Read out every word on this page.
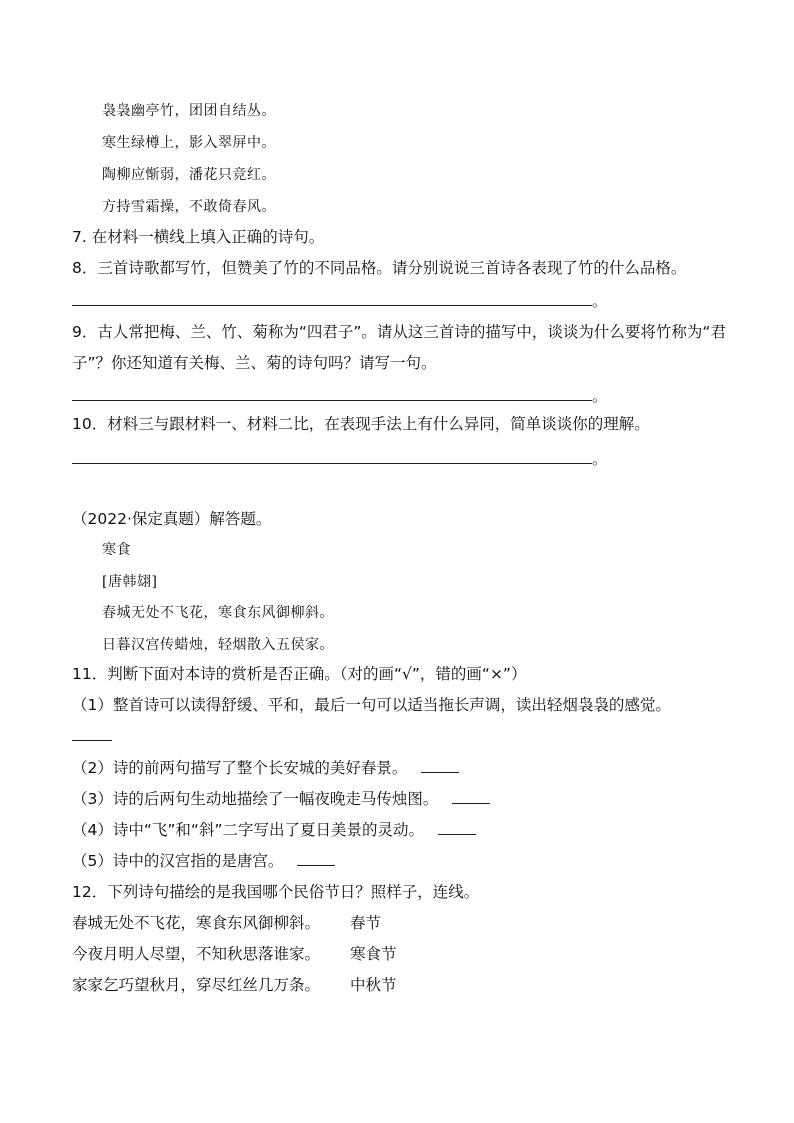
袅袅幽亭竹，团团自结丛。
寒生绿樽上，影入翠屏中。
陶柳应惭弱，潘花只竞红。
方持雪霜操，不敢倚春风。
7. 在材料一横线上填入正确的诗句。
8．三首诗歌都写竹，但赞美了竹的不同品格。请分别说说三首诗各表现了竹的什么品格。
。
9．古人常把梅、兰、竹、菊称为“四君子”。请从这三首诗的描写中，谈谈为什么要将竹称为“君
子”？你还知道有关梅、兰、菊的诗句吗？请写一句。
。
10．材料三与跟材料一、材料二比，在表现手法上有什么异同，简单谈谈你的理解。
。
（2022·保定真题）解答题。
寒食
[唐韩翃]
春城无处不飞花，寒食东风御柳斜。
日暮汉宫传蜡烛，轻烟散入五侯家。
11．判断下面对本诗的赏析是否正确。（对的画“√”，错的画“×”）
（1）整首诗可以读得舒缓、平和，最后一句可以适当拖长声调，读出轻烟袅袅的感觉。
（2）诗的前两句描写了整个长安城的美好春景。
（3）诗的后两句生动地描绘了一幅夜晚走马传烛图。
（4）诗中“飞”和“斜”二字写出了夏日美景的灵动。
（5）诗中的汉宫指的是唐宫。
12．下列诗句描绘的是我国哪个民俗节日？照样子，连线。
春城无处不飞花，寒食东风御柳斜。 春节
今夜月明人尽望，不知秋思落谁家。 寒食节
家家乞巧望秋月，穿尽红丝几万条。 中秋节
